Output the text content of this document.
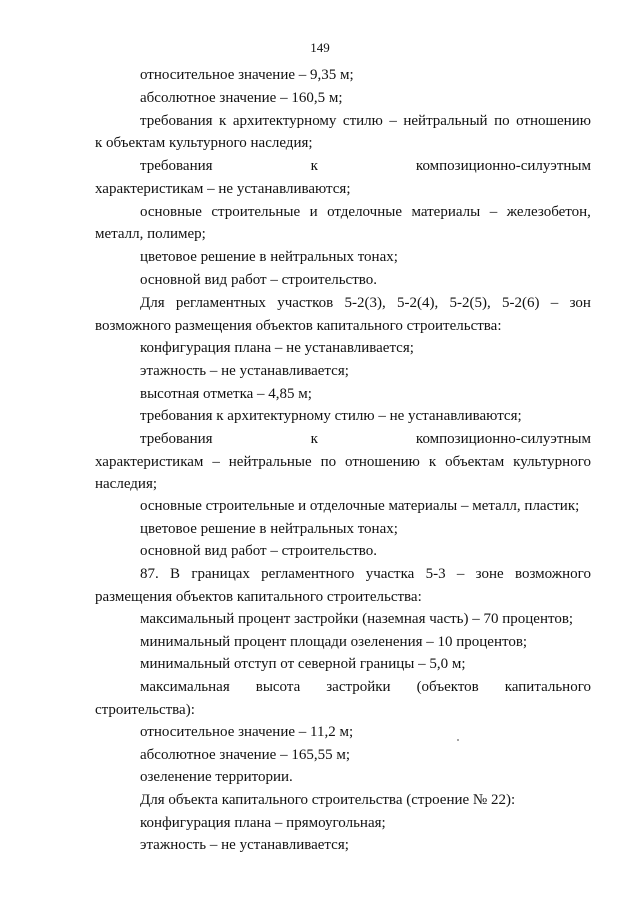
149
относительное значение – 9,35 м;
абсолютное значение – 160,5 м;
требования к архитектурному стилю – нейтральный по отношению
к объектам культурного наследия;
требования	к	композиционно-силуэтным
характеристикам – не устанавливаются;
основные строительные и отделочные материалы – железобетон,
металл, полимер;
цветовое решение в нейтральных тонах;
основной вид работ – строительство.
Для регламентных участков 5-2(3), 5-2(4), 5-2(5), 5-2(6) – зон
возможного размещения объектов капитального строительства:
конфигурация плана – не устанавливается;
этажность – не устанавливается;
высотная отметка – 4,85 м;
требования к архитектурному стилю – не устанавливаются;
требования	к	композиционно-силуэтным
характеристикам – нейтральные по отношению к объектам культурного
наследия;
основные строительные и отделочные материалы – металл, пластик;
цветовое решение в нейтральных тонах;
основной вид работ – строительство.
87. В границах регламентного участка 5-3 – зоне возможного
размещения объектов капитального строительства:
максимальный процент застройки (наземная часть) – 70 процентов;
минимальный процент площади озеленения – 10 процентов;
минимальный отступ от северной границы – 5,0 м;
максимальная высота застройки (объектов капитального
строительства):
относительное значение – 11,2 м;
абсолютное значение – 165,55 м;
озеленение территории.
Для объекта капитального строительства (строение № 22):
конфигурация плана – прямоугольная;
этажность – не устанавливается;
